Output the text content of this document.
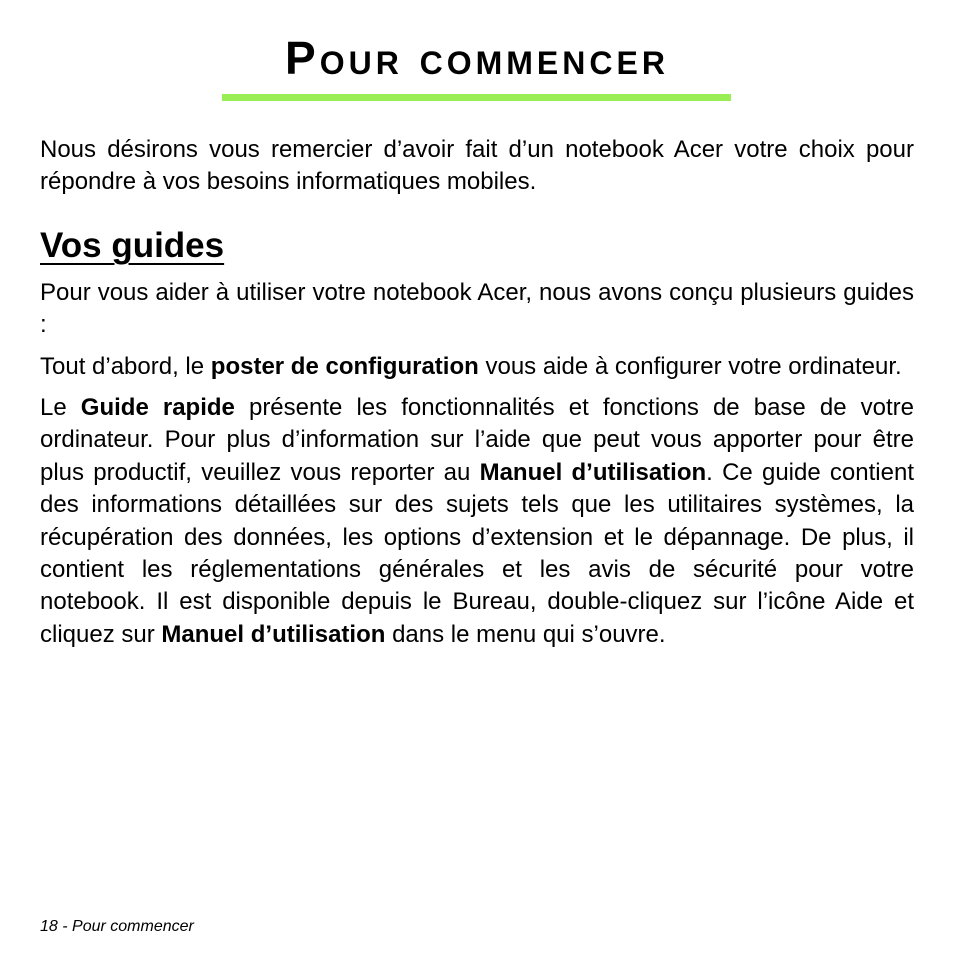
Pour commencer

Nous désirons vous remercier d’avoir fait d’un notebook Acer votre choix pour répondre à vos besoins informatiques mobiles.

Vos guides

Pour vous aider à utiliser votre notebook Acer, nous avons conçu plusieurs guides :

Tout d’abord, le poster de configuration vous aide à configurer votre ordinateur.

Le Guide rapide présente les fonctionnalités et fonctions de base de votre ordinateur. Pour plus d’information sur l’aide que peut vous apporter pour être plus productif, veuillez vous reporter au Manuel d’utilisation. Ce guide contient des informations détaillées sur des sujets tels que les utilitaires systèmes, la récupération des données, les options d’extension et le dépannage. De plus, il contient les réglementations générales et les avis de sécurité pour votre notebook. Il est disponible depuis le Bureau, double-cliquez sur l’icône Aide et cliquez sur Manuel d’utilisation dans le menu qui s’ouvre.

18 - Pour commencer
